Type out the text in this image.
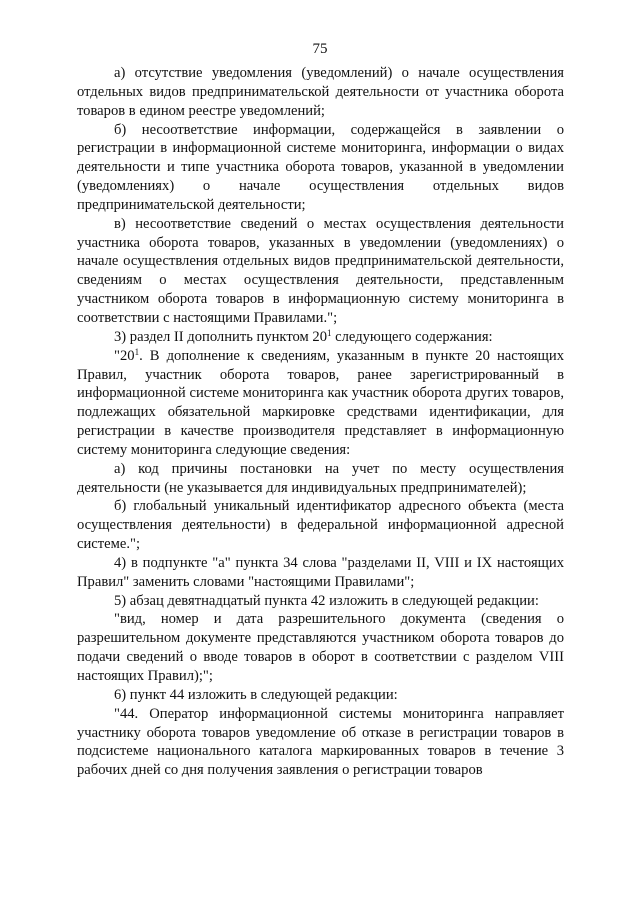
75

а) отсутствие уведомления (уведомлений) о начале осуществления отдельных видов предпринимательской деятельности от участника оборота товаров в едином реестре уведомлений;

б) несоответствие информации, содержащейся в заявлении о регистрации в информационной системе мониторинга, информации о видах деятельности и типе участника оборота товаров, указанной в уведомлении (уведомлениях) о начале осуществления отдельных видов предпринимательской деятельности;

в) несоответствие сведений о местах осуществления деятельности участника оборота товаров, указанных в уведомлении (уведомлениях) о начале осуществления отдельных видов предпринимательской деятельности, сведениям о местах осуществления деятельности, представленным участником оборота товаров в информационную систему мониторинга в соответствии с настоящими Правилами.";

3) раздел II дополнить пунктом $20^1$ следующего содержания:

"$20^1$. В дополнение к сведениям, указанным в пункте 20 настоящих Правил, участник оборота товаров, ранее зарегистрированный в информационной системе мониторинга как участник оборота других товаров, подлежащих обязательной маркировке средствами идентификации, для регистрации в качестве производителя представляет в информационную систему мониторинга следующие сведения:

а) код причины постановки на учет по месту осуществления деятельности (не указывается для индивидуальных предпринимателей);

б) глобальный уникальный идентификатор адресного объекта (места осуществления деятельности) в федеральной информационной адресной системе.";

4) в подпункте "а" пункта 34 слова "разделами II, VIII и IX настоящих Правил" заменить словами "настоящими Правилами";

5) абзац девятнадцатый пункта 42 изложить в следующей редакции:

"вид, номер и дата разрешительного документа (сведения о разрешительном документе представляются участником оборота товаров до подачи сведений о вводе товаров в оборот в соответствии с разделом VIII настоящих Правил);";

6) пункт 44 изложить в следующей редакции:

"44. Оператор информационной системы мониторинга направляет участнику оборота товаров уведомление об отказе в регистрации товаров в подсистеме национального каталога маркированных товаров в течение 3 рабочих дней со дня получения заявления о регистрации товаров
